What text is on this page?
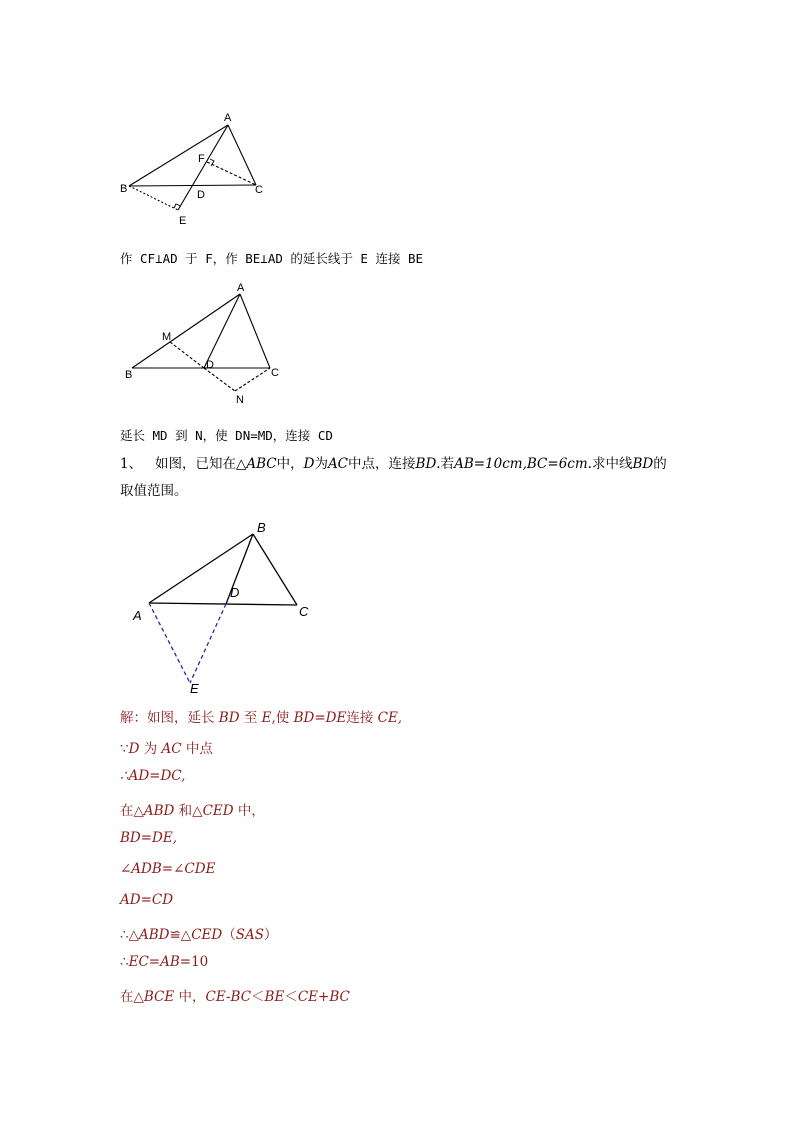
A
B	C
D
E
F
作 CF⊥AD 于 F，作 BE⊥AD 的延长线于 E 连接 BE
A
B	C
D
M
N
延长 MD 到 N，使 DN=MD，连接 CD
1、 如图，已知在△ABC中，D为AC中点，连接BD.若AB=10cm,BC=6cm.求中线BD的取值范围。
B
A	C
D
E
解：如图，延长 BD 至 E,使 BD=DE连接 CE,
∵D 为 AC 中点
∴AD=DC,
在△ABD 和△CED 中，
BD=DE,
∠ADB=∠CDE
AD=CD
∴△ABD≌△CED（SAS）
∴EC=AB=10
在△BCE 中，CE-BC＜BE＜CE+BC
